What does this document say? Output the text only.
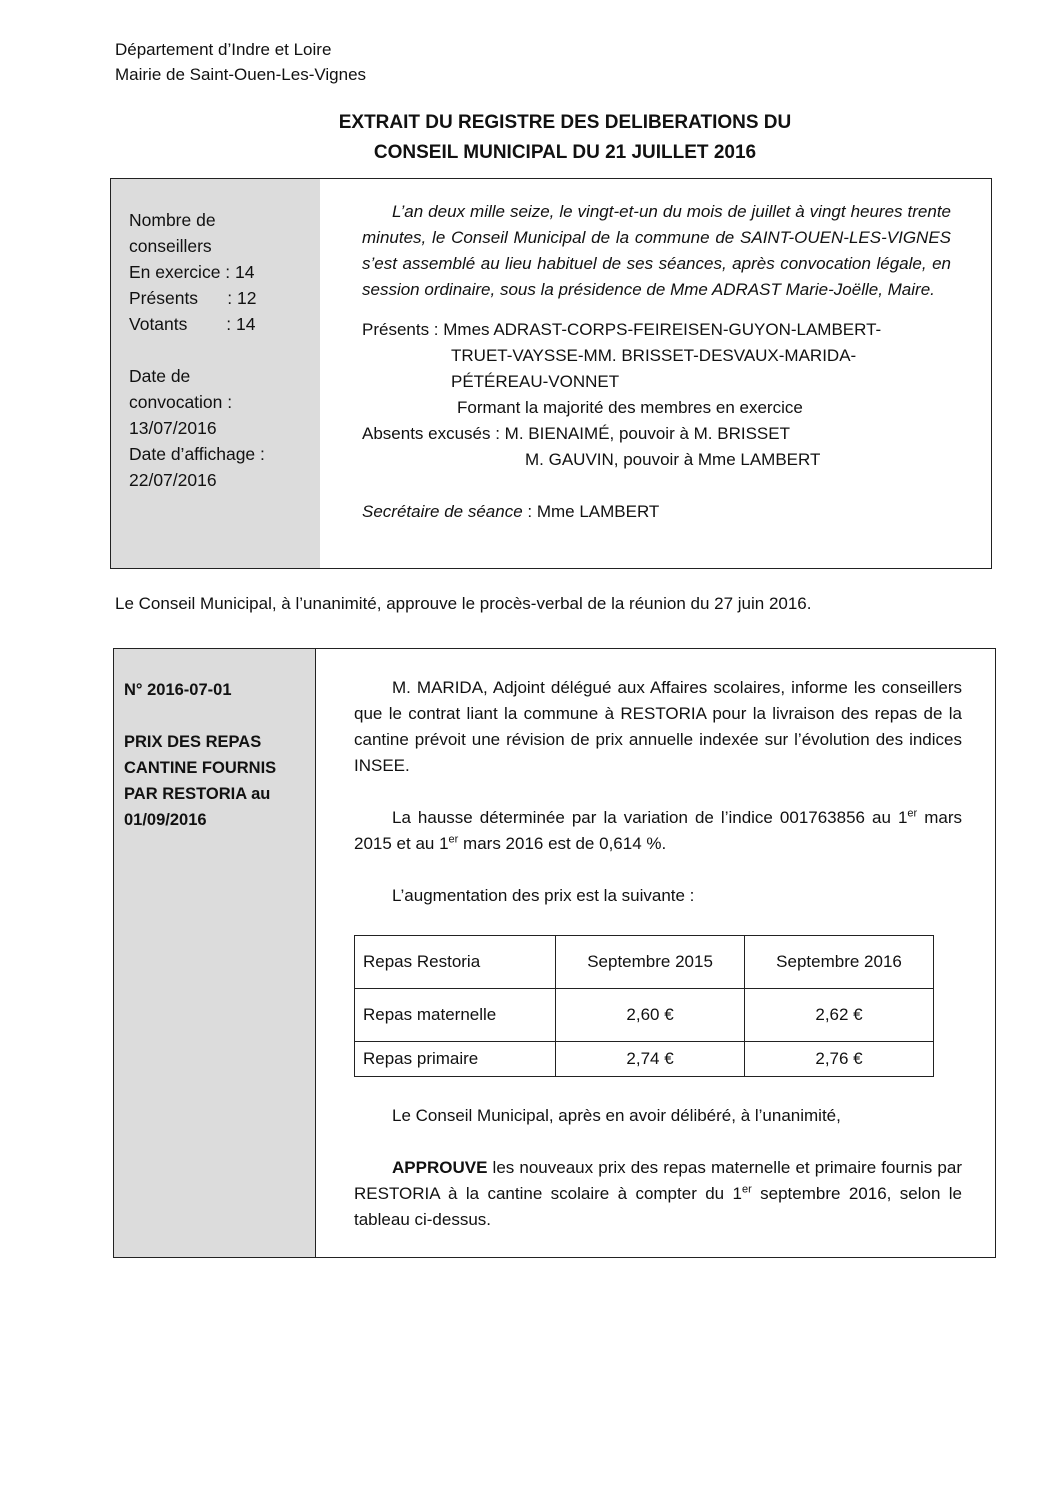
Département d’Indre et Loire
Mairie de Saint-Ouen-Les-Vignes
EXTRAIT DU REGISTRE DES DELIBERATIONS DU
CONSEIL MUNICIPAL DU 21 JUILLET 2016
Nombre de
conseillers
En exercice : 14
Présents      : 12
Votants        : 14
Date de
convocation :
13/07/2016
Date d’affichage :
22/07/2016

L’an deux mille seize, le vingt-et-un du mois de juillet à vingt heures trente minutes, le Conseil Municipal de la commune de SAINT-OUEN-LES-VIGNES s’est assemblé au lieu habituel de ses séances, après convocation légale, en session ordinaire, sous la présidence de Mme ADRAST Marie-Joëlle, Maire.

Présents : Mmes ADRAST-CORPS-FEIREISEN-GUYON-LAMBERT-
TRUET-VAYSSE-MM. BRISSET-DESVAUX-MARIDA-
PÉTÉREAU-VONNET
Formant la majorité des membres en exercice
Absents excusés : M. BIENAIMÉ, pouvoir à M. BRISSET
M. GAUVIN, pouvoir à Mme LAMBERT
Secrétaire de séance : Mme LAMBERT
Le Conseil Municipal, à l’unanimité, approuve le procès-verbal de la réunion du 27 juin 2016.
N° 2016-07-01
PRIX DES REPAS
CANTINE FOURNIS
PAR RESTORIA au
01/09/2016

M. MARIDA, Adjoint délégué aux Affaires scolaires, informe les conseillers que le contrat liant la commune à RESTORIA pour la livraison des repas de la cantine prévoit une révision de prix annuelle indexée sur l’évolution des indices INSEE.

La hausse déterminée par la variation de l’indice 001763856 au 1er mars 2015 et au 1er mars 2016 est de 0,614 %.

L’augmentation des prix est la suivante :

Repas Restoria	Septembre 2015	Septembre 2016
Repas maternelle	2,60 €	2,62 €
Repas primaire	2,74 €	2,76 €

Le Conseil Municipal, après en avoir délibéré, à l’unanimité,

APPROUVE les nouveaux prix des repas maternelle et primaire fournis par RESTORIA à la cantine scolaire à compter du 1er septembre 2016, selon le tableau ci-dessus.
